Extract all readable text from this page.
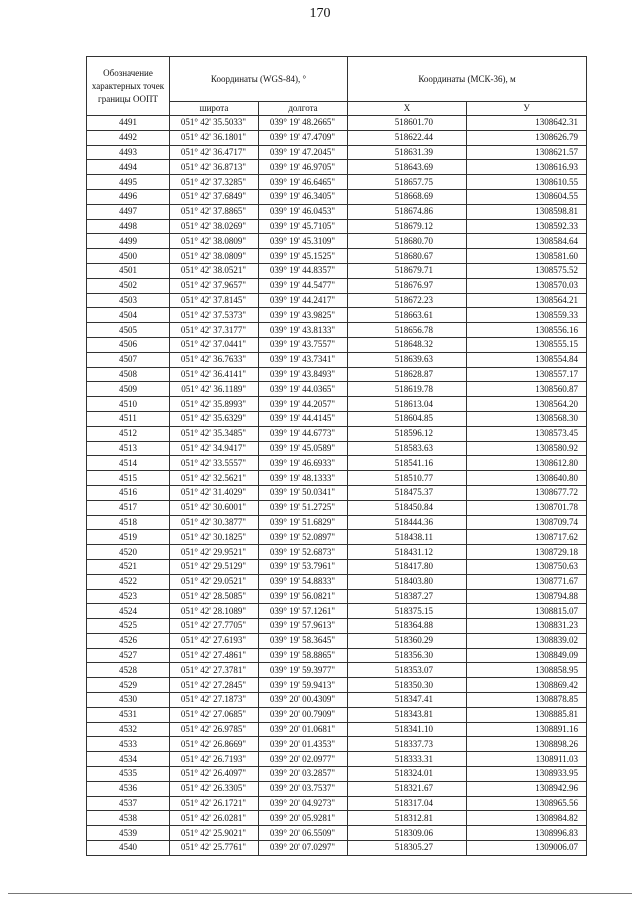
170
Обозначение характерных точек границы ООПТ	Координаты (WGS-84), °		Координаты (МСК-36), м	
	широта	долгота	X	У
4491	051° 42' 35.5033"	039° 19' 48.2665"	518601.70	1308642.31
4492	051° 42' 36.1801"	039° 19' 47.4709"	518622.44	1308626.79
4493	051° 42' 36.4717"	039° 19' 47.2045"	518631.39	1308621.57
4494	051° 42' 36.8713"	039° 19' 46.9705"	518643.69	1308616.93
4495	051° 42' 37.3285"	039° 19' 46.6465"	518657.75	1308610.55
4496	051° 42' 37.6849"	039° 19' 46.3405"	518668.69	1308604.55
4497	051° 42' 37.8865"	039° 19' 46.0453"	518674.86	1308598.81
4498	051° 42' 38.0269"	039° 19' 45.7105"	518679.12	1308592.33
4499	051° 42' 38.0809"	039° 19' 45.3109"	518680.70	1308584.64
4500	051° 42' 38.0809"	039° 19' 45.1525"	518680.67	1308581.60
4501	051° 42' 38.0521"	039° 19' 44.8357"	518679.71	1308575.52
4502	051° 42' 37.9657"	039° 19' 44.5477"	518676.97	1308570.03
4503	051° 42' 37.8145"	039° 19' 44.2417"	518672.23	1308564.21
4504	051° 42' 37.5373"	039° 19' 43.9825"	518663.61	1308559.33
4505	051° 42' 37.3177"	039° 19' 43.8133"	518656.78	1308556.16
4506	051° 42' 37.0441"	039° 19' 43.7557"	518648.32	1308555.15
4507	051° 42' 36.7633"	039° 19' 43.7341"	518639.63	1308554.84
4508	051° 42' 36.4141"	039° 19' 43.8493"	518628.87	1308557.17
4509	051° 42' 36.1189"	039° 19' 44.0365"	518619.78	1308560.87
4510	051° 42' 35.8993"	039° 19' 44.2057"	518613.04	1308564.20
4511	051° 42' 35.6329"	039° 19' 44.4145"	518604.85	1308568.30
4512	051° 42' 35.3485"	039° 19' 44.6773"	518596.12	1308573.45
4513	051° 42' 34.9417"	039° 19' 45.0589"	518583.63	1308580.92
4514	051° 42' 33.5557"	039° 19' 46.6933"	518541.16	1308612.80
4515	051° 42' 32.5621"	039° 19' 48.1333"	518510.77	1308640.80
4516	051° 42' 31.4029"	039° 19' 50.0341"	518475.37	1308677.72
4517	051° 42' 30.6001"	039° 19' 51.2725"	518450.84	1308701.78
4518	051° 42' 30.3877"	039° 19' 51.6829"	518444.36	1308709.74
4519	051° 42' 30.1825"	039° 19' 52.0897"	518438.11	1308717.62
4520	051° 42' 29.9521"	039° 19' 52.6873"	518431.12	1308729.18
4521	051° 42' 29.5129"	039° 19' 53.7961"	518417.80	1308750.63
4522	051° 42' 29.0521"	039° 19' 54.8833"	518403.80	1308771.67
4523	051° 42' 28.5085"	039° 19' 56.0821"	518387.27	1308794.88
4524	051° 42' 28.1089"	039° 19' 57.1261"	518375.15	1308815.07
4525	051° 42' 27.7705"	039° 19' 57.9613"	518364.88	1308831.23
4526	051° 42' 27.6193"	039° 19' 58.3645"	518360.29	1308839.02
4527	051° 42' 27.4861"	039° 19' 58.8865"	518356.30	1308849.09
4528	051° 42' 27.3781"	039° 19' 59.3977"	518353.07	1308858.95
4529	051° 42' 27.2845"	039° 19' 59.9413"	518350.30	1308869.42
4530	051° 42' 27.1873"	039° 20' 00.4309"	518347.41	1308878.85
4531	051° 42' 27.0685"	039° 20' 00.7909"	518343.81	1308885.81
4532	051° 42' 26.9785"	039° 20' 01.0681"	518341.10	1308891.16
4533	051° 42' 26.8669"	039° 20' 01.4353"	518337.73	1308898.26
4534	051° 42' 26.7193"	039° 20' 02.0977"	518333.31	1308911.03
4535	051° 42' 26.4097"	039° 20' 03.2857"	518324.01	1308933.95
4536	051° 42' 26.3305"	039° 20' 03.7537"	518321.67	1308942.96
4537	051° 42' 26.1721"	039° 20' 04.9273"	518317.04	1308965.56
4538	051° 42' 26.0281"	039° 20' 05.9281"	518312.81	1308984.82
4539	051° 42' 25.9021"	039° 20' 06.5509"	518309.06	1308996.83
4540	051° 42' 25.7761"	039° 20' 07.0297"	518305.27	1309006.07
